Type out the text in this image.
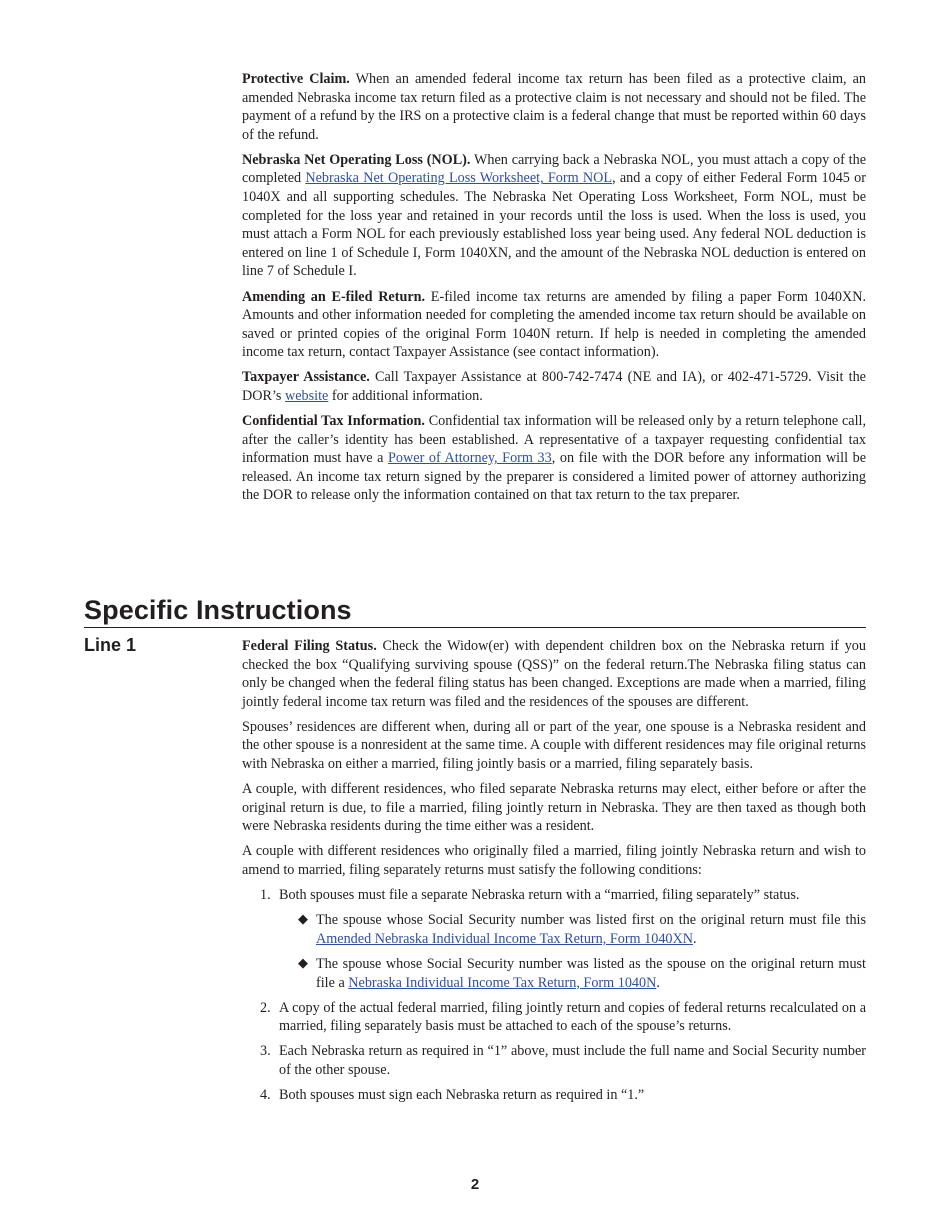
Protective Claim. When an amended federal income tax return has been filed as a protective claim, an amended Nebraska income tax return filed as a protective claim is not necessary and should not be filed. The payment of a refund by the IRS on a protective claim is a federal change that must be reported within 60 days of the refund.

Nebraska Net Operating Loss (NOL). When carrying back a Nebraska NOL, you must attach a copy of the completed Nebraska Net Operating Loss Worksheet, Form NOL, and a copy of either Federal Form 1045 or 1040X and all supporting schedules. The Nebraska Net Operating Loss Worksheet, Form NOL, must be completed for the loss year and retained in your records until the loss is used. When the loss is used, you must attach a Form NOL for each previously established loss year being used. Any federal NOL deduction is entered on line 1 of Schedule I, Form 1040XN, and the amount of the Nebraska NOL deduction is entered on line 7 of Schedule I.

Amending an E-filed Return. E-filed income tax returns are amended by filing a paper Form 1040XN. Amounts and other information needed for completing the amended income tax return should be available on saved or printed copies of the original Form 1040N return. If help is needed in completing the amended income tax return, contact Taxpayer Assistance (see contact information).

Taxpayer Assistance. Call Taxpayer Assistance at 800-742-7474 (NE and IA), or 402-471-5729. Visit the DOR’s website for additional information.

Confidential Tax Information. Confidential tax information will be released only by a return telephone call, after the caller’s identity has been established. A representative of a taxpayer requesting confidential tax information must have a Power of Attorney, Form 33, on file with the DOR before any information will be released. An income tax return signed by the preparer is considered a limited power of attorney authorizing the DOR to release only the information contained on that tax return to the tax preparer.

Specific Instructions
Line 1	Federal Filing Status. Check the Widow(er) with dependent children box on the Nebraska return if you checked the box “Qualifying surviving spouse (QSS)” on the federal return.The Nebraska filing status can only be changed when the federal filing status has been changed. Exceptions are made when a married, filing jointly federal income tax return was filed and the residences of the spouses are different.

Spouses’ residences are different when, during all or part of the year, one spouse is a Nebraska resident and the other spouse is a nonresident at the same time. A couple with different residences may file original returns with Nebraska on either a married, filing jointly basis or a married, filing separately basis.

A couple, with different residences, who filed separate Nebraska returns may elect, either before or after the original return is due, to file a married, filing jointly return in Nebraska. They are then taxed as though both were Nebraska residents during the time either was a resident.

A couple with different residences who originally filed a married, filing jointly Nebraska return and wish to amend to married, filing separately returns must satisfy the following conditions:

1. Both spouses must file a separate Nebraska return with a “married, filing separately” status.
◆ The spouse whose Social Security number was listed first on the original return must file this Amended Nebraska Individual Income Tax Return, Form 1040XN.
◆ The spouse whose Social Security number was listed as the spouse on the original return must file a Nebraska Individual Income Tax Return, Form 1040N.
2. A copy of the actual federal married, filing jointly return and copies of federal returns recalculated on a married, filing separately basis must be attached to each of the spouse’s returns.
3. Each Nebraska return as required in “1” above, must include the full name and Social Security number of the other spouse.
4. Both spouses must sign each Nebraska return as required in “1.”

2
